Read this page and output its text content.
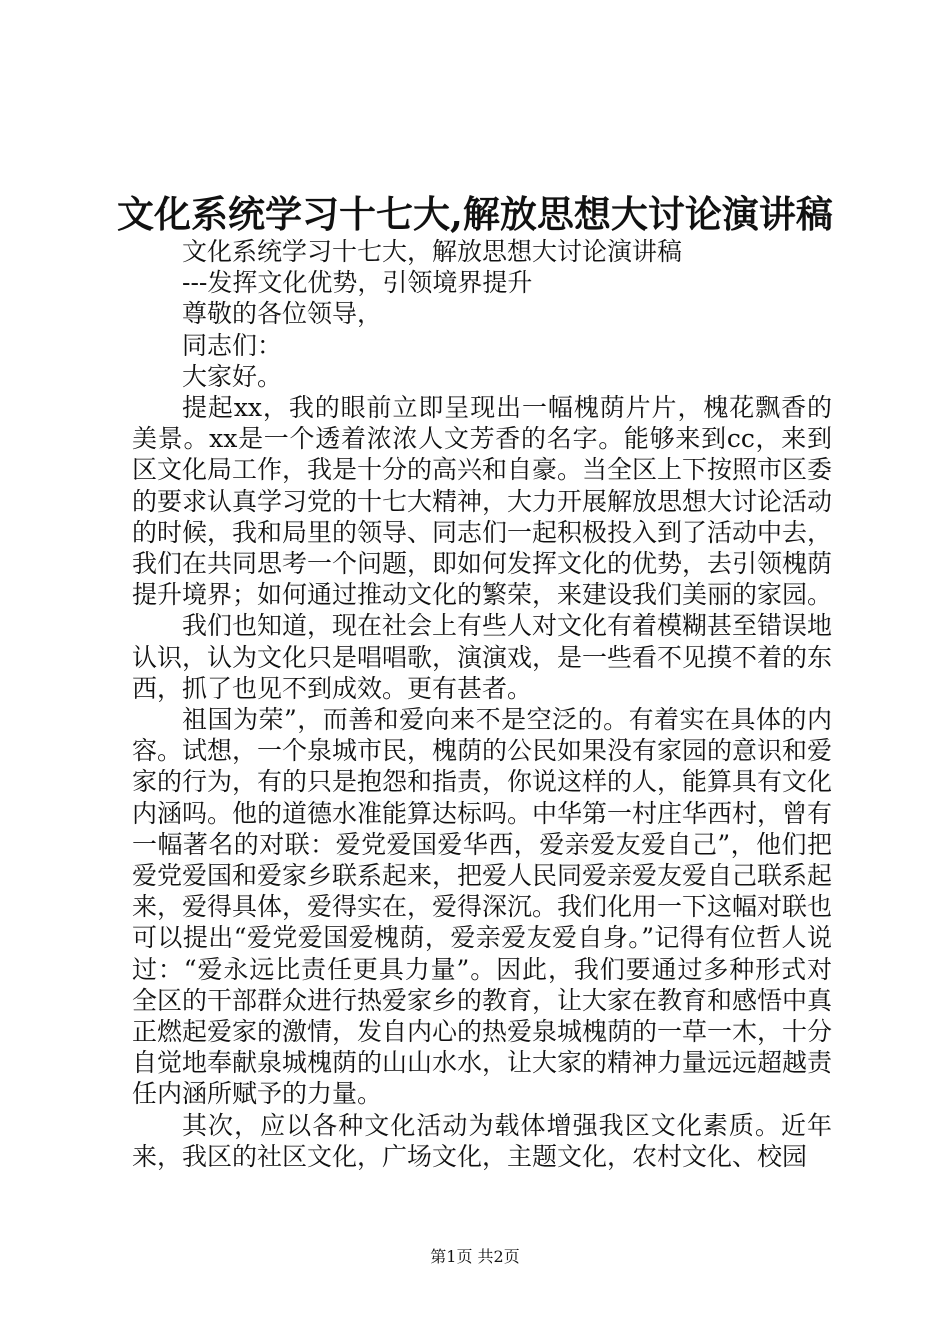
文化系统学习十七大,解放思想大讨论演讲稿

文化系统学习十七大，解放思想大讨论演讲稿

---发挥文化优势，引领境界提升

尊敬的各位领导，

同志们：

大家好。

提起xx，我的眼前立即呈现出一幅槐荫片片，槐花飘香的美景。xx是一个透着浓浓人文芳香的名字。能够来到cc，来到区文化局工作，我是十分的高兴和自豪。当全区上下按照市区委的要求认真学习党的十七大精神，大力开展解放思想大讨论活动的时候，我和局里的领导、同志们一起积极投入到了活动中去，我们在共同思考一个问题，即如何发挥文化的优势，去引领槐荫提升境界；如何通过推动文化的繁荣，来建设我们美丽的家园。

我们也知道，现在社会上有些人对文化有着模糊甚至错误地认识，认为文化只是唱唱歌，演演戏，是一些看不见摸不着的东西，抓了也见不到成效。更有甚者。

祖国为荣”，而善和爱向来不是空泛的。有着实在具体的内容。试想，一个泉城市民，槐荫的公民如果没有家园的意识和爱家的行为，有的只是抱怨和指责，你说这样的人，能算具有文化内涵吗。他的道德水准能算达标吗。中华第一村庄华西村，曾有一幅著名的对联：爱党爱国爱华西，爱亲爱友爱自己”，他们把爱党爱国和爱家乡联系起来，把爱人民同爱亲爱友爱自己联系起来，爱得具体，爱得实在，爱得深沉。我们化用一下这幅对联也可以提出“爱党爱国爱槐荫，爱亲爱友爱自身。”记得有位哲人说过：“爱永远比责任更具力量”。因此，我们要通过多种形式对全区的干部群众进行热爱家乡的教育，让大家在教育和感悟中真正燃起爱家的激情，发自内心的热爱泉城槐荫的一草一木，十分自觉地奉献泉城槐荫的山山水水，让大家的精神力量远远超越责任内涵所赋予的力量。

其次，应以各种文化活动为载体增强我区文化素质。近年来，我区的社区文化，广场文化，主题文化，农村文化、校园

第1页 共2页
